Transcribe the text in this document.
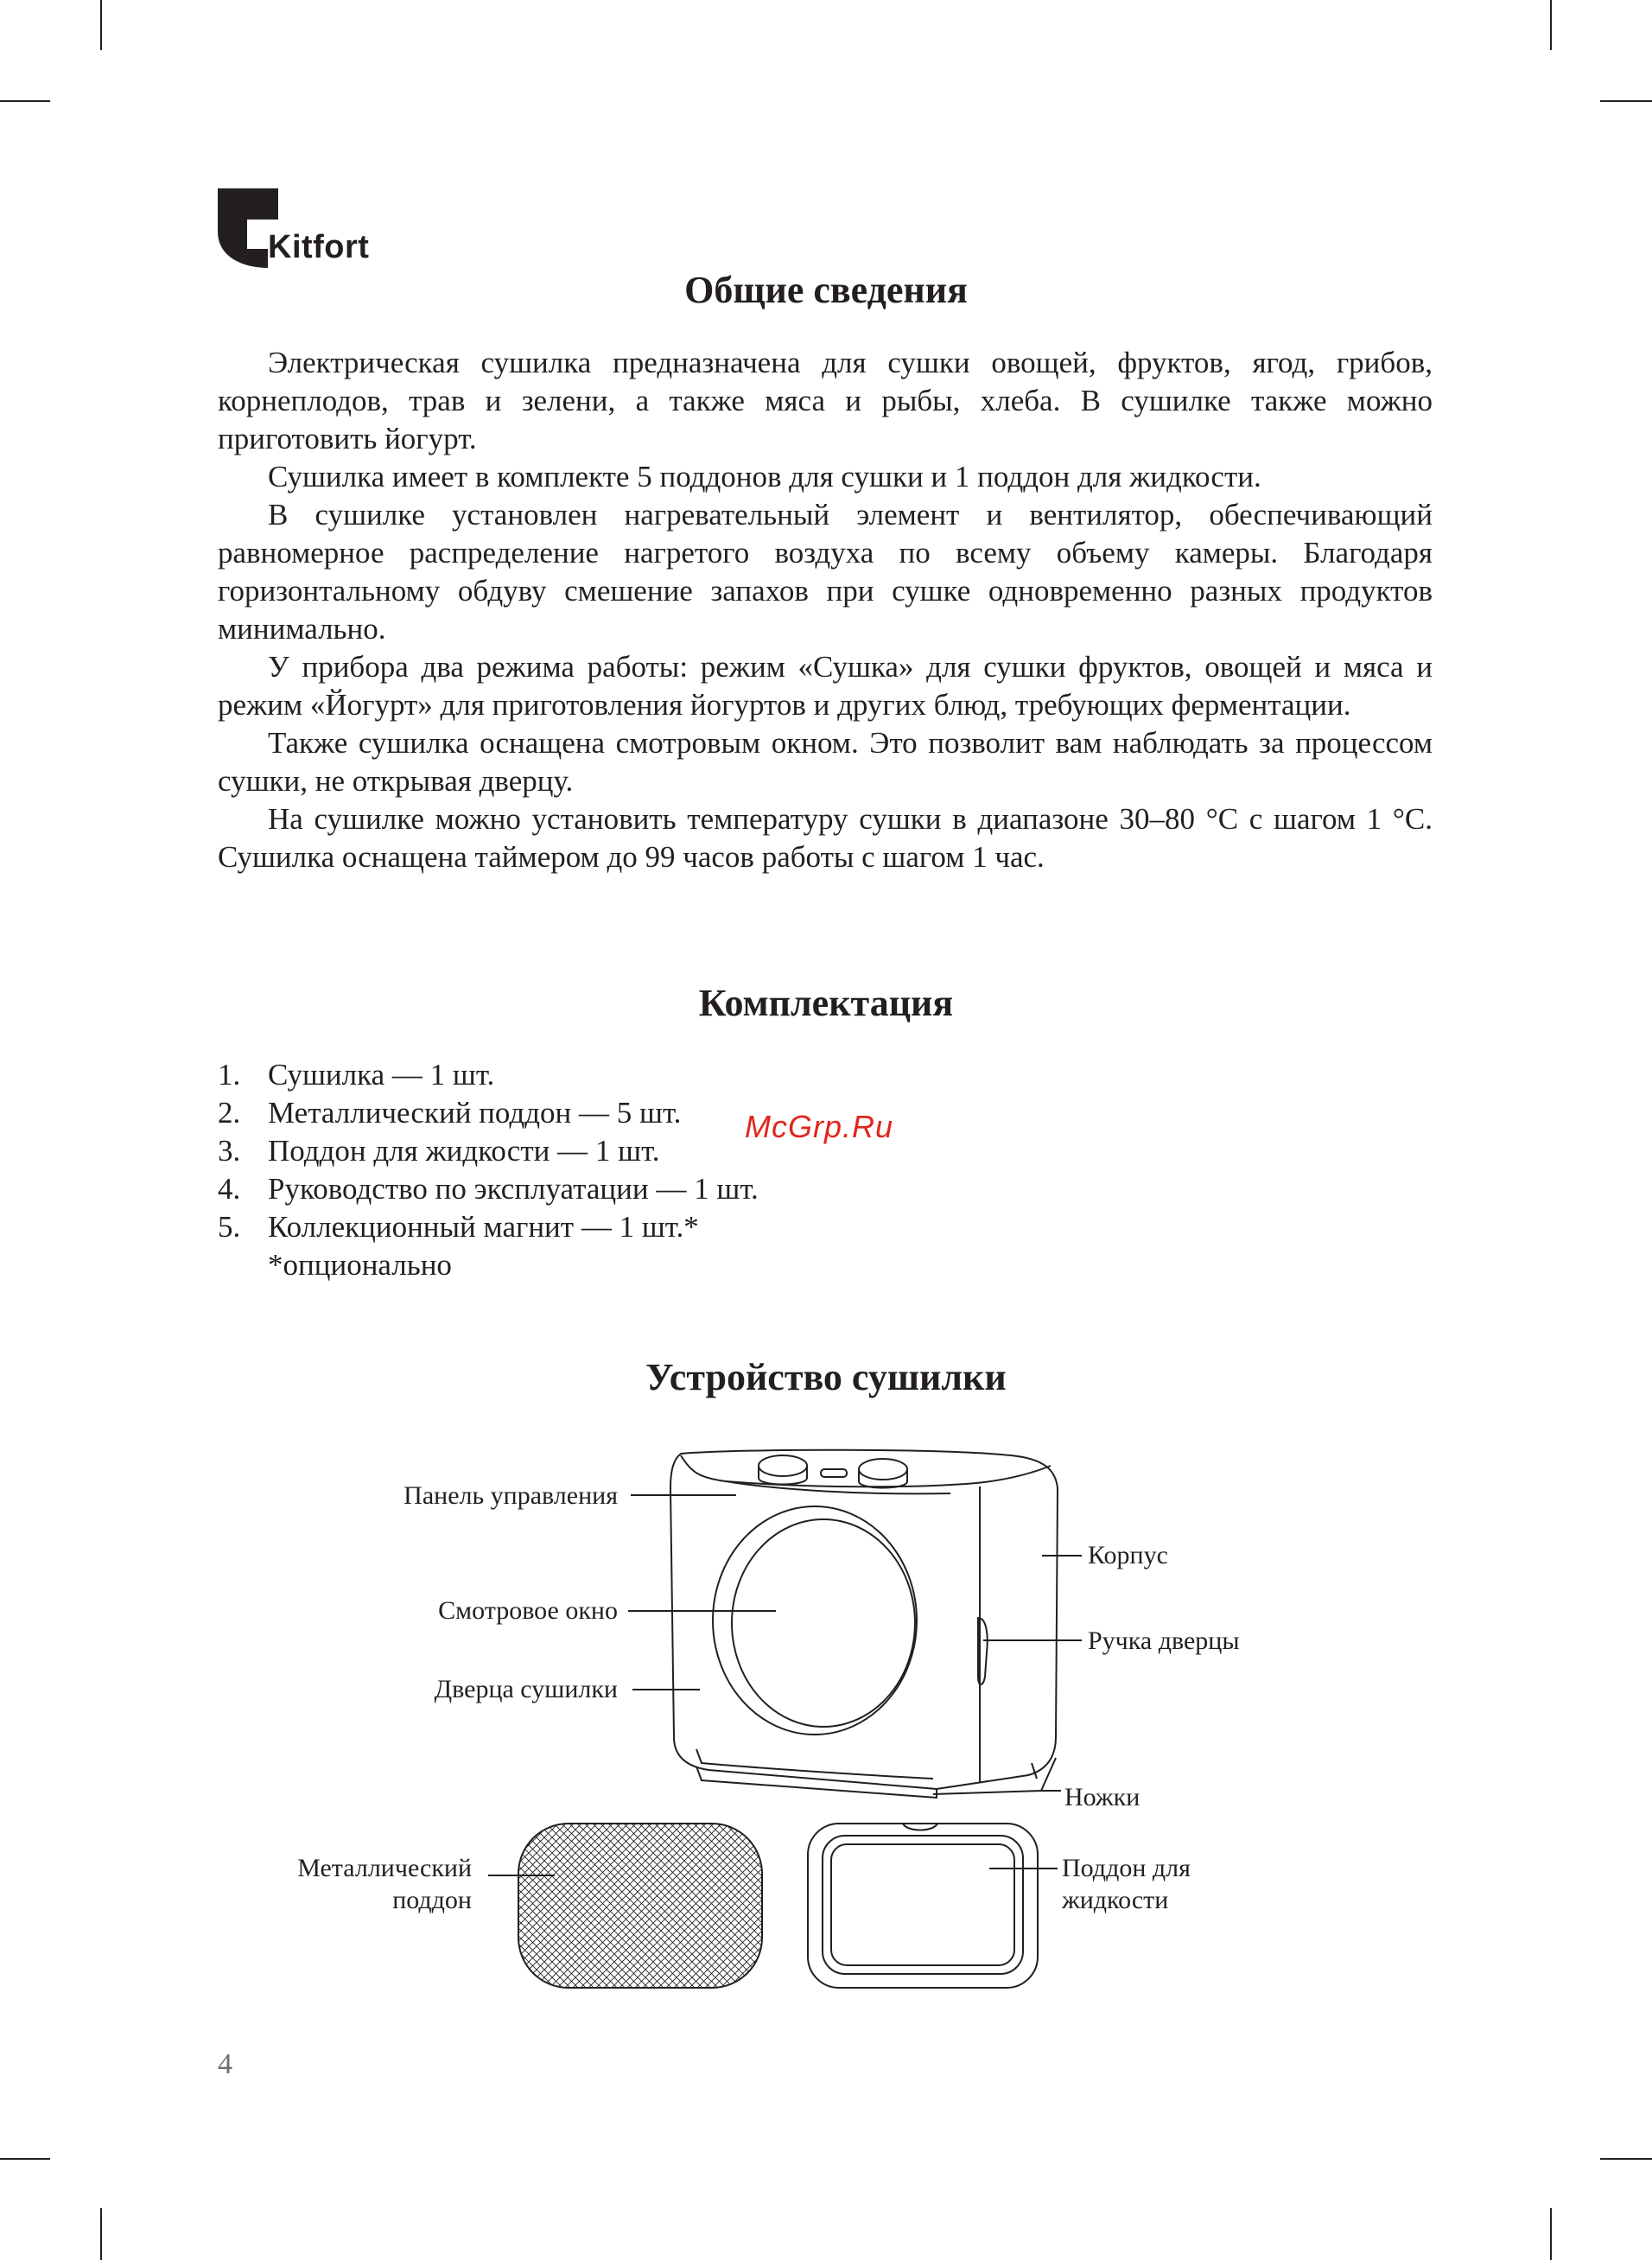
Kitfort
Общие сведения

Электрическая сушилка предназначена для сушки овощей, фруктов, ягод, грибов, корнеплодов, трав и зелени, а также мяса и рыбы, хлеба. В сушилке также можно приготовить йогурт.

Сушилка имеет в комплекте 5 поддонов для сушки и 1 поддон для жидкости.

В сушилке установлен нагревательный элемент и вентилятор, обеспечивающий равномерное распределение нагретого воздуха по всему объему камеры. Благодаря горизонтальному обдуву смешение запахов при сушке одновременно разных продуктов минимально.

У прибора два режима работы: режим «Сушка» для сушки фруктов, овощей и мяса и режим «Йогурт» для приготовления йогуртов и других блюд, требующих ферментации.

Также сушилка оснащена смотровым окном. Это позволит вам наблюдать за процессом сушки, не открывая дверцу.

На сушилке можно установить температуру сушки в диапазоне 30–80 °С с шагом 1 °С. Сушилка оснащена таймером до 99 часов работы с шагом 1 час.

Комплектация
1. Сушилка — 1 шт.
2. Металлический поддон — 5 шт.
3. Поддон для жидкости — 1 шт.
4. Руководство по эксплуатации — 1 шт.
5. Коллекционный магнит — 1 шт.*
*опционально
McGrp.Ru
Устройство сушилки
Панель управления
Смотровое окно
Дверца сушилки
Корпус
Ручка дверцы
Ножки
Металлический
поддон
Поддон для
жидкости
4
